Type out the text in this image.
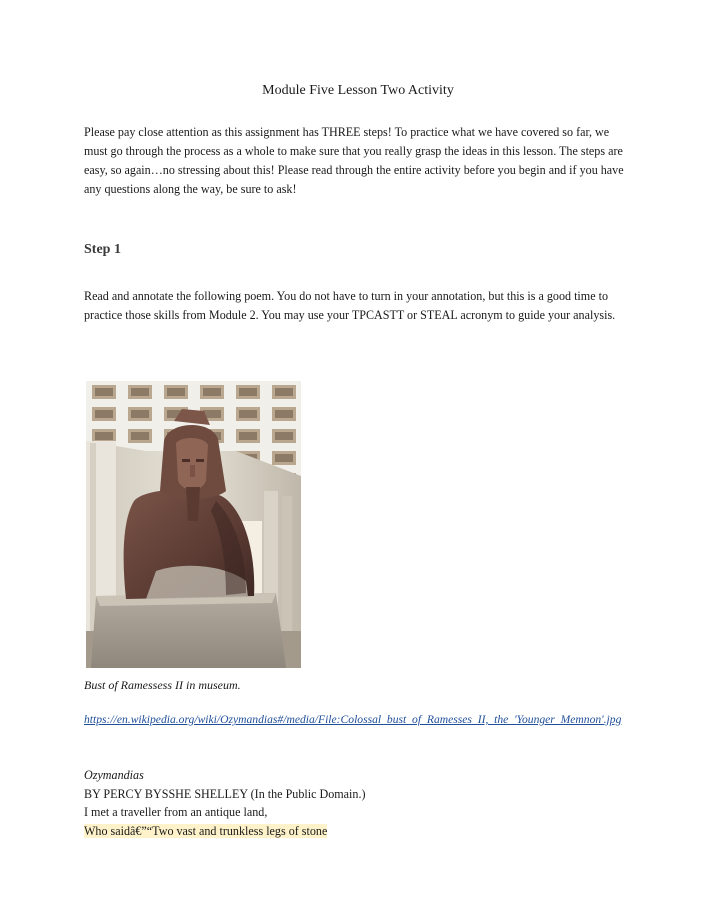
Module Five Lesson Two Activity

Please pay close attention as this assignment has THREE steps! To practice what we have covered so far, we must go through the process as a whole to make sure that you really grasp the ideas in this lesson. The steps are easy, so again…no stressing about this! Please read through the entire activity before you begin and if you have any questions along the way, be sure to ask!

Step 1

Read and annotate the following poem. You do not have to turn in your annotation, but this is a good time to practice those skills from Module 2. You may use your TPCASTT or STEAL acronym to guide your analysis.

Bust of Ramessess II in museum.

https://en.wikipedia.org/wiki/Ozymandias#/media/File:Colossal_bust_of_Ramesses_II,_the_'Younger_Memnon'.jpg

Ozymandias
BY PERCY BYSSHE SHELLEY (In the Public Domain.)
I met a traveller from an antique land,
Who saidâ€”“Two vast and trunkless legs of stone
